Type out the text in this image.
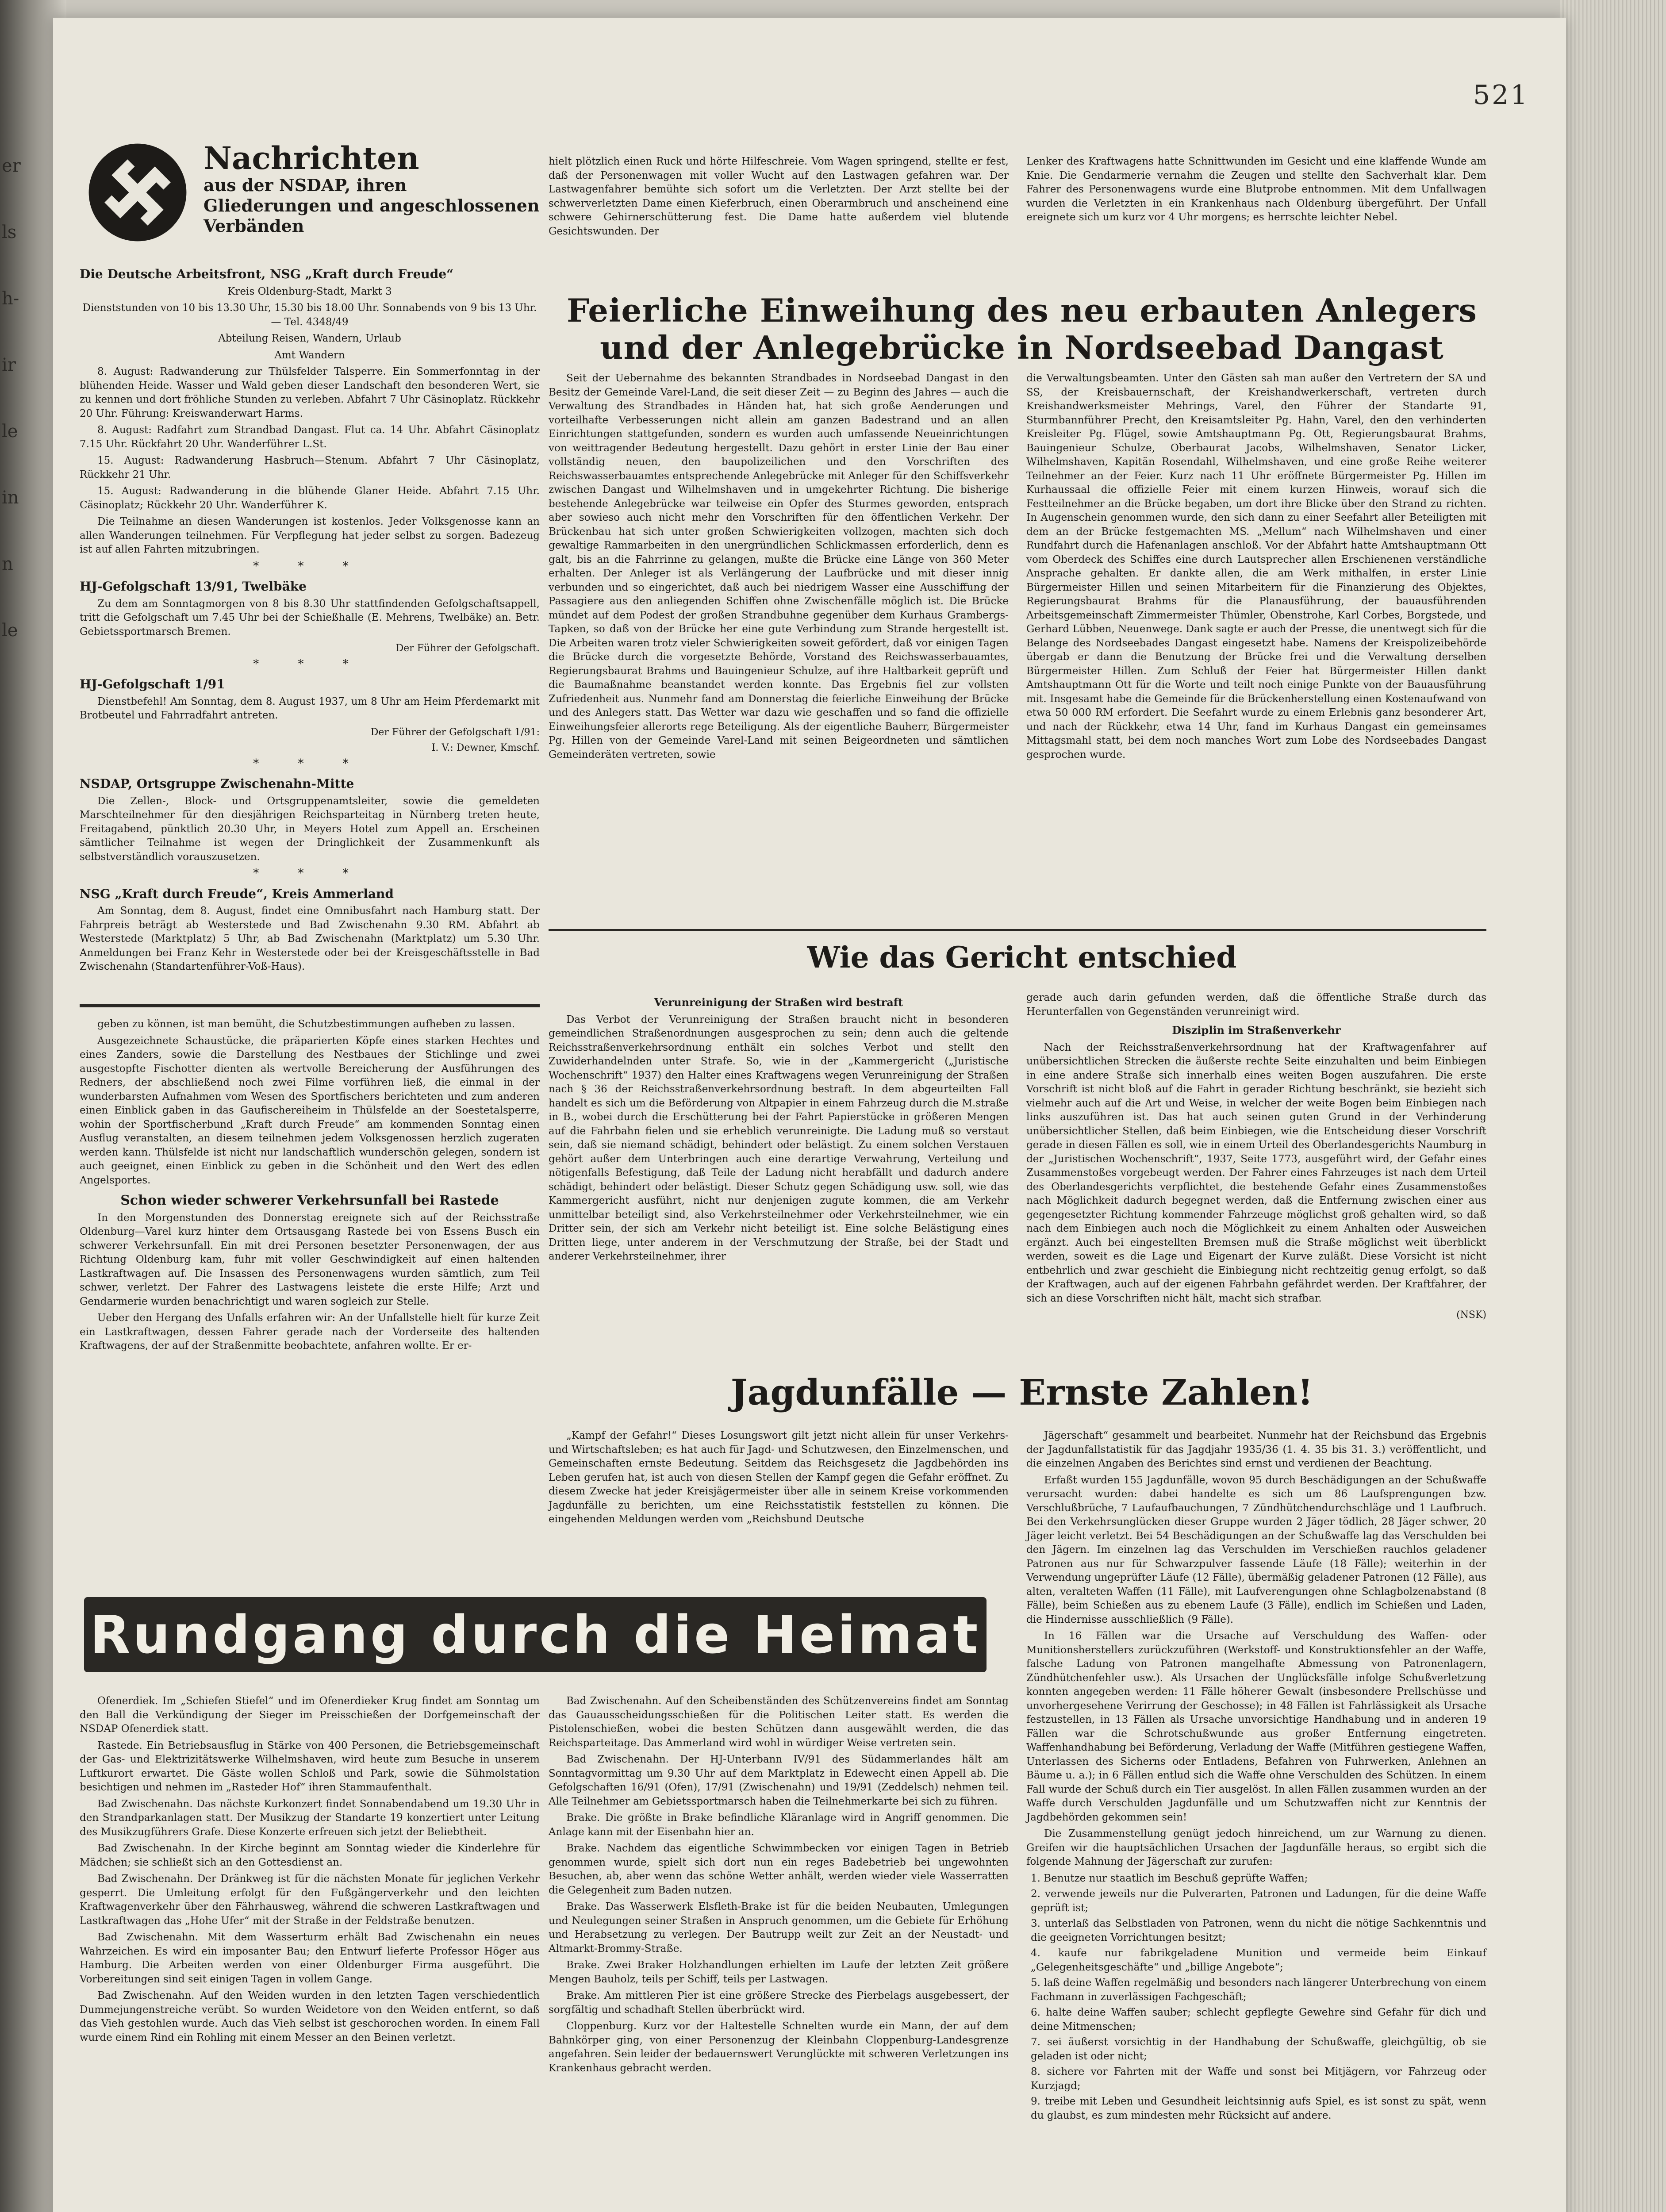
er
ls
h-
ir
le
in
n
le
521
Nachrichten
aus der NSDAP, ihren Gliederungen und angeschlossenen Verbänden
Die Deutsche Arbeitsfront, NSG „Kraft durch Freude“

Kreis Oldenburg-Stadt, Markt 3

Dienststunden von 10 bis 13.30 Uhr, 15.30 bis 18.00 Uhr. Sonnabends von 9 bis 13 Uhr. — Tel. 4348/49

Abteilung Reisen, Wandern, Urlaub

Amt Wandern

8. August: Radwanderung zur Thülsfelder Talsperre. Ein Sommerfonntag in der blühenden Heide. Wasser und Wald geben dieser Landschaft den besonderen Wert, sie zu kennen und dort fröhliche Stunden zu verleben. Abfahrt 7 Uhr Cäsinoplatz. Rückkehr 20 Uhr. Führung: Kreiswanderwart Harms.

8. August: Radfahrt zum Strandbad Dangast. Flut ca. 14 Uhr. Abfahrt Cäsinoplatz 7.15 Uhr. Rückfahrt 20 Uhr. Wanderführer L.St.

15. August: Radwanderung Hasbruch—Stenum. Abfahrt 7 Uhr Cäsinoplatz, Rückkehr 21 Uhr.

15. August: Radwanderung in die blühende Glaner Heide. Abfahrt 7.15 Uhr. Cäsinoplatz; Rückkehr 20 Uhr. Wanderführer K.

Die Teilnahme an diesen Wanderungen ist kostenlos. Jeder Volksgenosse kann an allen Wanderungen teilnehmen. Für Verpflegung hat jeder selbst zu sorgen. Badezeug ist auf allen Fahrten mitzubringen.

* * *
HJ-Gefolgschaft 13/91, Twelbäke

Zu dem am Sonntagmorgen von 8 bis 8.30 Uhr stattfindenden Gefolgschaftsappell, tritt die Gefolgschaft um 7.45 Uhr bei der Schießhalle (E. Mehrens, Twelbäke) an. Betr. Gebietssportmarsch Bremen.

Der Führer der Gefolgschaft.

* * *
HJ-Gefolgschaft 1/91

Dienstbefehl! Am Sonntag, dem 8. August 1937, um 8 Uhr am Heim Pferdemarkt mit Brotbeutel und Fahrradfahrt antreten.

Der Führer der Gefolgschaft 1/91:

I. V.: Dewner, Kmschf.

* * *
NSDAP, Ortsgruppe Zwischenahn-Mitte

Die Zellen-, Block- und Ortsgruppenamtsleiter, sowie die gemeldeten Marschteilnehmer für den diesjährigen Reichsparteitag in Nürnberg treten heute, Freitagabend, pünktlich 20.30 Uhr, in Meyers Hotel zum Appell an. Erscheinen sämtlicher Teilnahme ist wegen der Dringlichkeit der Zusammenkunft als selbstverständlich vorauszusetzen.

* * *
NSG „Kraft durch Freude“, Kreis Ammerland

Am Sonntag, dem 8. August, findet eine Omnibusfahrt nach Hamburg statt. Der Fahrpreis beträgt ab Westerstede und Bad Zwischenahn 9.30 RM. Abfahrt ab Westerstede (Marktplatz) 5 Uhr, ab Bad Zwischenahn (Marktplatz) um 5.30 Uhr. Anmeldungen bei Franz Kehr in Westerstede oder bei der Kreisgeschäftsstelle in Bad Zwischenahn (Standartenführer-Voß-Haus).

geben zu können, ist man bemüht, die Schutzbestimmungen aufheben zu lassen.

Ausgezeichnete Schaustücke, die präparierten Köpfe eines starken Hechtes und eines Zanders, sowie die Darstellung des Nestbaues der Stichlinge und zwei ausgestopfte Fischotter dienten als wertvolle Bereicherung der Ausführungen des Redners, der abschließend noch zwei Filme vorführen ließ, die einmal in der wunderbarsten Aufnahmen vom Wesen des Sportfischers berichteten und zum anderen einen Einblick gaben in das Gaufischereiheim in Thülsfelde an der Soestetalsperre, wohin der Sportfischerbund „Kraft durch Freude“ am kommenden Sonntag einen Ausflug veranstalten, an diesem teilnehmen jedem Volksgenossen herzlich zugeraten werden kann. Thülsfelde ist nicht nur landschaftlich wunderschön gelegen, sondern ist auch geeignet, einen Einblick zu geben in die Schönheit und den Wert des edlen Angelsportes.

Schon wieder schwerer Verkehrsunfall bei Rastede

In den Morgenstunden des Donnerstag ereignete sich auf der Reichsstraße Oldenburg—Varel kurz hinter dem Ortsausgang Rastede bei von Essens Busch ein schwerer Verkehrsunfall. Ein mit drei Personen besetzter Personenwagen, der aus Richtung Oldenburg kam, fuhr mit voller Geschwindigkeit auf einen haltenden Lastkraftwagen auf. Die Insassen des Personenwagens wurden sämtlich, zum Teil schwer, verletzt. Der Fahrer des Lastwagens leistete die erste Hilfe; Arzt und Gendarmerie wurden benachrichtigt und waren sogleich zur Stelle.

Ueber den Hergang des Unfalls erfahren wir: An der Unfallstelle hielt für kurze Zeit ein Lastkraftwagen, dessen Fahrer gerade nach der Vorderseite des haltenden Kraftwagens, der auf der Straßenmitte beobachtete, anfahren wollte. Er er-

hielt plötzlich einen Ruck und hörte Hilfeschreie. Vom Wagen springend, stellte er fest, daß der Personenwagen mit voller Wucht auf den Lastwagen gefahren war. Der Lastwagenfahrer bemühte sich sofort um die Verletzten. Der Arzt stellte bei der schwerverletzten Dame einen Kieferbruch, einen Oberarmbruch und anscheinend eine schwere Gehirnerschütterung fest. Die Dame hatte außerdem viel blutende Gesichtswunden. Der

Lenker des Kraftwagens hatte Schnittwunden im Gesicht und eine klaffende Wunde am Knie. Die Gendarmerie vernahm die Zeugen und stellte den Sachverhalt klar. Dem Fahrer des Personenwagens wurde eine Blutprobe entnommen. Mit dem Unfallwagen wurden die Verletzten in ein Krankenhaus nach Oldenburg übergeführt. Der Unfall ereignete sich um kurz vor 4 Uhr morgens; es herrschte leichter Nebel.

Feierliche Einweihung des neu erbauten Anlegers und der Anlegebrücke in Nordseebad Dangast

Seit der Uebernahme des bekannten Strandbades in Nordseebad Dangast in den Besitz der Gemeinde Varel-Land, die seit dieser Zeit — zu Beginn des Jahres — auch die Verwaltung des Strandbades in Händen hat, hat sich große Aenderungen und vorteilhafte Verbesserungen nicht allein am ganzen Badestrand und an allen Einrichtungen stattgefunden, sondern es wurden auch umfassende Neueinrichtungen von weittragender Bedeutung hergestellt. Dazu gehört in erster Linie der Bau einer vollständig neuen, den baupolizeilichen und den Vorschriften des Reichswasserbauamtes entsprechende Anlegebrücke mit Anleger für den Schiffsverkehr zwischen Dangast und Wilhelmshaven und in umgekehrter Richtung. Die bisherige bestehende Anlegebrücke war teilweise ein Opfer des Sturmes geworden, entsprach aber sowieso auch nicht mehr den Vorschriften für den öffentlichen Verkehr. Der Brückenbau hat sich unter großen Schwierigkeiten vollzogen, machten sich doch gewaltige Rammarbeiten in den unergründlichen Schlickmassen erforderlich, denn es galt, bis an die Fahrrinne zu gelangen, mußte die Brücke eine Länge von 360 Meter erhalten. Der Anleger ist als Verlängerung der Laufbrücke und mit dieser innig verbunden und so eingerichtet, daß auch bei niedrigem Wasser eine Ausschiffung der Passagiere aus den anliegenden Schiffen ohne Zwischenfälle möglich ist. Die Brücke mündet auf dem Podest der großen Strandbuhne gegenüber dem Kurhaus Grambergs-Tapken, so daß von der Brücke her eine gute Verbindung zum Strande hergestellt ist. Die Arbeiten waren trotz vieler Schwierigkeiten soweit gefördert, daß vor einigen Tagen die Brücke durch die vorgesetzte Behörde, Vorstand des Reichswasserbauamtes, Regierungsbaurat Brahms und Bauingenieur Schulze, auf ihre Haltbarkeit geprüft und die Baumaßnahme beanstandet werden konnte. Das Ergebnis fiel zur vollsten Zufriedenheit aus. Nunmehr fand am Donnerstag die feierliche Einweihung der Brücke und des Anlegers statt. Das Wetter war dazu wie geschaffen und so fand die offizielle Einweihungsfeier allerorts rege Beteiligung. Als der eigentliche Bauherr, Bürgermeister Pg. Hillen von der Gemeinde Varel-Land mit seinen Beigeordneten und sämtlichen Gemeinderäten vertreten, sowie

die Verwaltungsbeamten. Unter den Gästen sah man außer den Vertretern der SA und SS, der Kreisbauernschaft, der Kreishandwerkerschaft, vertreten durch Kreishandwerksmeister Mehrings, Varel, den Führer der Standarte 91, Sturmbannführer Precht, den Kreisamtsleiter Pg. Hahn, Varel, den den verhinderten Kreisleiter Pg. Flügel, sowie Amtshauptmann Pg. Ott, Regierungsbaurat Brahms, Bauingenieur Schulze, Oberbaurat Jacobs, Wilhelmshaven, Senator Licker, Wilhelmshaven, Kapitän Rosendahl, Wilhelmshaven, und eine große Reihe weiterer Teilnehmer an der Feier. Kurz nach 11 Uhr eröffnete Bürgermeister Pg. Hillen im Kurhaussaal die offizielle Feier mit einem kurzen Hinweis, worauf sich die Festteilnehmer an die Brücke begaben, um dort ihre Blicke über den Strand zu richten. In Augenschein genommen wurde, den sich dann zu einer Seefahrt aller Beteiligten mit dem an der Brücke festgemachten MS. „Mellum“ nach Wilhelmshaven und einer Rundfahrt durch die Hafenanlagen anschloß. Vor der Abfahrt hatte Amtshauptmann Ott vom Oberdeck des Schiffes eine durch Lautsprecher allen Erschienenen verständliche Ansprache gehalten. Er dankte allen, die am Werk mithalfen, in erster Linie Bürgermeister Hillen und seinen Mitarbeitern für die Finanzierung des Objektes, Regierungsbaurat Brahms für die Planausführung, der bauausführenden Arbeitsgemeinschaft Zimmermeister Thümler, Obenstrohe, Karl Corbes, Borgstede, und Gerhard Lübben, Neuenwege. Dank sagte er auch der Presse, die unentwegt sich für die Belange des Nordseebades Dangast eingesetzt habe. Namens der Kreispolizeibehörde übergab er dann die Benutzung der Brücke frei und die Verwaltung derselben Bürgermeister Hillen. Zum Schluß der Feier hat Bürgermeister Hillen dankt Amtshauptmann Ott für die Worte und teilt noch einige Punkte von der Bauausführung mit. Insgesamt habe die Gemeinde für die Brückenherstellung einen Kostenaufwand von etwa 50 000 RM erfordert. Die Seefahrt wurde zu einem Erlebnis ganz besonderer Art, und nach der Rückkehr, etwa 14 Uhr, fand im Kurhaus Dangast ein gemeinsames Mittagsmahl statt, bei dem noch manches Wort zum Lobe des Nordseebades Dangast gesprochen wurde.

Wie das Gericht entschied

Verunreinigung der Straßen wird bestraft

Das Verbot der Verunreinigung der Straßen braucht nicht in besonderen gemeindlichen Straßenordnungen ausgesprochen zu sein; denn auch die geltende Reichsstraßenverkehrsordnung enthält ein solches Verbot und stellt den Zuwiderhandelnden unter Strafe. So, wie in der „Kammergericht („Juristische Wochenschrift“ 1937) den Halter eines Kraftwagens wegen Verunreinigung der Straßen nach § 36 der Reichsstraßenverkehrsordnung bestraft. In dem abgeurteilten Fall handelt es sich um die Beförderung von Altpapier in einem Fahrzeug durch die M.straße in B., wobei durch die Erschütterung bei der Fahrt Papierstücke in größeren Mengen auf die Fahrbahn fielen und sie erheblich verunreinigte. Die Ladung muß so verstaut sein, daß sie niemand schädigt, behindert oder belästigt. Zu einem solchen Verstauen gehört außer dem Unterbringen auch eine derartige Verwahrung, Verteilung und nötigenfalls Befestigung, daß Teile der Ladung nicht herabfällt und dadurch andere schädigt, behindert oder belästigt. Dieser Schutz gegen Schädigung usw. soll, wie das Kammergericht ausführt, nicht nur denjenigen zugute kommen, die am Verkehr unmittelbar beteiligt sind, also Verkehrsteilnehmer oder Verkehrsteilnehmer, wie ein Dritter sein, der sich am Verkehr nicht beteiligt ist. Eine solche Belästigung eines Dritten liege, unter anderem in der Verschmutzung der Straße, bei der Stadt und anderer Verkehrsteilnehmer, ihrer

gerade auch darin gefunden werden, daß die öffentliche Straße durch das Herunterfallen von Gegenständen verunreinigt wird.

Disziplin im Straßenverkehr

Nach der Reichsstraßenverkehrsordnung hat der Kraftwagenfahrer auf unübersichtlichen Strecken die äußerste rechte Seite einzuhalten und beim Einbiegen in eine andere Straße sich innerhalb eines weiten Bogen auszufahren. Die erste Vorschrift ist nicht bloß auf die Fahrt in gerader Richtung beschränkt, sie bezieht sich vielmehr auch auf die Art und Weise, in welcher der weite Bogen beim Einbiegen nach links auszuführen ist. Das hat auch seinen guten Grund in der Verhinderung unübersichtlicher Stellen, daß beim Einbiegen, wie die Entscheidung dieser Vorschrift gerade in diesen Fällen es soll, wie in einem Urteil des Oberlandesgerichts Naumburg in der „Juristischen Wochenschrift“, 1937, Seite 1773, ausgeführt wird, der Gefahr eines Zusammenstoßes vorgebeugt werden. Der Fahrer eines Fahrzeuges ist nach dem Urteil des Oberlandesgerichts verpflichtet, die bestehende Gefahr eines Zusammenstoßes nach Möglichkeit dadurch begegnet werden, daß die Entfernung zwischen einer aus gegengesetzter Richtung kommender Fahrzeuge möglichst groß gehalten wird, so daß nach dem Einbiegen auch noch die Möglichkeit zu einem Anhalten oder Ausweichen ergänzt. Auch bei eingestellten Bremsen muß die Straße möglichst weit überblickt werden, soweit es die Lage und Eigenart der Kurve zuläßt. Diese Vorsicht ist nicht entbehrlich und zwar geschieht die Einbiegung nicht rechtzeitig genug erfolgt, so daß der Kraftwagen, auch auf der eigenen Fahrbahn gefährdet werden. Der Kraftfahrer, der sich an diese Vorschriften nicht hält, macht sich strafbar.

(NSK)
Jagdunfälle — Ernste Zahlen!

„Kampf der Gefahr!“ Dieses Losungswort gilt jetzt nicht allein für unser Verkehrs- und Wirtschaftsleben; es hat auch für Jagd- und Schutzwesen, den Einzelmenschen, und Gemeinschaften ernste Bedeutung. Seitdem das Reichsgesetz die Jagdbehörden ins Leben gerufen hat, ist auch von diesen Stellen der Kampf gegen die Gefahr eröffnet. Zu diesem Zwecke hat jeder Kreisjägermeister über alle in seinem Kreise vorkommenden Jagdunfälle zu berichten, um eine Reichsstatistik feststellen zu können. Die eingehenden Meldungen werden vom „Reichsbund Deutsche

Jägerschaft“ gesammelt und bearbeitet. Nunmehr hat der Reichsbund das Ergebnis der Jagdunfallstatistik für das Jagdjahr 1935/36 (1. 4. 35 bis 31. 3.) veröffentlicht, und die einzelnen Angaben des Berichtes sind ernst und verdienen der Beachtung.

Erfaßt wurden 155 Jagdunfälle, wovon 95 durch Beschädigungen an der Schußwaffe verursacht wurden: dabei handelte es sich um 86 Laufsprengungen bzw. Verschlußbrüche, 7 Laufaufbauchungen, 7 Zündhütchendurchschläge und 1 Laufbruch. Bei den Verkehrsunglücken dieser Gruppe wurden 2 Jäger tödlich, 28 Jäger schwer, 20 Jäger leicht verletzt. Bei 54 Beschädigungen an der Schußwaffe lag das Verschulden bei den Jägern. Im einzelnen lag das Verschulden im Verschießen rauchlos geladener Patronen aus nur für Schwarzpulver fassende Läufe (18 Fälle); weiterhin in der Verwendung ungeprüfter Läufe (12 Fälle), übermäßig geladener Patronen (12 Fälle), aus alten, veralteten Waffen (11 Fälle), mit Laufverengungen ohne Schlagbolzenabstand (8 Fälle), beim Schießen aus zu ebenem Laufe (3 Fälle), endlich im Schießen und Laden, die Hindernisse ausschließlich (9 Fälle).

In 16 Fällen war die Ursache auf Verschuldung des Waffen- oder Munitionsherstellers zurückzuführen (Werkstoff- und Konstruktionsfehler an der Waffe, falsche Ladung von Patronen mangelhafte Abmessung von Patronenlagern, Zündhütchenfehler usw.). Als Ursachen der Unglücksfälle infolge Schußverletzung konnten angegeben werden: 11 Fälle höherer Gewalt (insbesondere Prellschüsse und unvorhergesehene Verirrung der Geschosse); in 48 Fällen ist Fahrlässigkeit als Ursache festzustellen, in 13 Fällen als Ursache unvorsichtige Handhabung und in anderen 19 Fällen war die Schrotschußwunde aus großer Entfernung eingetreten. Waffenhandhabung bei Beförderung, Verladung der Waffe (Mitführen gestiegene Waffen, Unterlassen des Sicherns oder Entladens, Befahren von Fuhrwerken, Anlehnen an Bäume u. a.); in 6 Fällen entlud sich die Waffe ohne Verschulden des Schützen. In einem Fall wurde der Schuß durch ein Tier ausgelöst. In allen Fällen zusammen wurden an der Waffe durch Verschulden Jagdunfälle und um Schutzwaffen nicht zur Kenntnis der Jagdbehörden gekommen sein!

Die Zusammenstellung genügt jedoch hinreichend, um zur Warnung zu dienen. Greifen wir die hauptsächlichen Ursachen der Jagdunfälle heraus, so ergibt sich die folgende Mahnung der Jägerschaft zur zurufen:

1. Benutze nur staatlich im Beschuß geprüfte Waffen;
2. verwende jeweils nur die Pulverarten, Patronen und Ladungen, für die deine Waffe geprüft ist;
3. unterlaß das Selbstladen von Patronen, wenn du nicht die nötige Sachkenntnis und die geeigneten Vorrichtungen besitzt;
4. kaufe nur fabrikgeladene Munition und vermeide beim Einkauf „Gelegenheitsgeschäfte“ und „billige Angebote“;
5. laß deine Waffen regelmäßig und besonders nach längerer Unterbrechung von einem Fachmann in zuverlässigen Fachgeschäft;
6. halte deine Waffen sauber; schlecht gepflegte Gewehre sind Gefahr für dich und deine Mitmenschen;
7. sei äußerst vorsichtig in der Handhabung der Schußwaffe, gleichgültig, ob sie geladen ist oder nicht;
8. sichere vor Fahrten mit der Waffe und sonst bei Mitjägern, vor Fahrzeug oder Kurzjagd;
9. treibe mit Leben und Gesundheit leichtsinnig aufs Spiel, es ist sonst zu spät, wenn du glaubst, es zum mindesten mehr Rücksicht auf andere.
Rundgang durch die Heimat

Ofenerdiek. Im „Schiefen Stiefel“ und im Ofenerdieker Krug findet am Sonntag um den Ball die Verkündigung der Sieger im Preisschießen der Dorfgemeinschaft der NSDAP Ofenerdiek statt.

Rastede. Ein Betriebsausflug in Stärke von 400 Personen, die Betriebsgemeinschaft der Gas- und Elektrizitätswerke Wilhelmshaven, wird heute zum Besuche in unserem Luftkurort erwartet. Die Gäste wollen Schloß und Park, sowie die Sühmolstation besichtigen und nehmen im „Rasteder Hof“ ihren Stammaufenthalt.

Bad Zwischenahn. Das nächste Kurkonzert findet Sonnabendabend um 19.30 Uhr in den Strandparkanlagen statt. Der Musikzug der Standarte 19 konzertiert unter Leitung des Musikzugführers Grafe. Diese Konzerte erfreuen sich jetzt der Beliebtheit.

Bad Zwischenahn. In der Kirche beginnt am Sonntag wieder die Kinderlehre für Mädchen; sie schließt sich an den Gottesdienst an.

Bad Zwischenahn. Der Dränkweg ist für die nächsten Monate für jeglichen Verkehr gesperrt. Die Umleitung erfolgt für den Fußgängerverkehr und den leichten Kraftwagenverkehr über den Fährhausweg, während die schweren Lastkraftwagen und Lastkraftwagen das „Hohe Ufer“ mit der Straße in der Feldstraße benutzen.

Bad Zwischenahn. Mit dem Wasserturm erhält Bad Zwischenahn ein neues Wahrzeichen. Es wird ein imposanter Bau; den Entwurf lieferte Professor Höger aus Hamburg. Die Arbeiten werden von einer Oldenburger Firma ausgeführt. Die Vorbereitungen sind seit einigen Tagen in vollem Gange.

Bad Zwischenahn. Auf den Weiden wurden in den letzten Tagen verschiedentlich Dummejungenstreiche verübt. So wurden Weidetore von den Weiden entfernt, so daß das Vieh gestohlen wurde. Auch das Vieh selbst ist geschorochen worden. In einem Fall wurde einem Rind ein Rohling mit einem Messer an den Beinen verletzt.

Bad Zwischenahn. Auf den Scheibenständen des Schützenvereins findet am Sonntag das Gauausscheidungsschießen für die Politischen Leiter statt. Es werden die Pistolenschießen, wobei die besten Schützen dann ausgewählt werden, die das Reichsparteitage. Das Ammerland wird wohl in würdiger Weise vertreten sein.

Bad Zwischenahn. Der HJ-Unterbann IV/91 des Südammerlandes hält am Sonntagvormittag um 9.30 Uhr auf dem Marktplatz in Edewecht einen Appell ab. Die Gefolgschaften 16/91 (Ofen), 17/91 (Zwischenahn) und 19/91 (Zeddelsch) nehmen teil. Alle Teilnehmer am Gebietssportmarsch haben die Teilnehmerkarte bei sich zu führen.

Brake. Die größte in Brake befindliche Kläranlage wird in Angriff genommen. Die Anlage kann mit der Eisenbahn hier an.

Brake. Nachdem das eigentliche Schwimmbecken vor einigen Tagen in Betrieb genommen wurde, spielt sich dort nun ein reges Badebetrieb bei ungewohnten Besuchen, ab, aber wenn das schöne Wetter anhält, werden wieder viele Wasserratten die Gelegenheit zum Baden nutzen.

Brake. Das Wasserwerk Elsfleth-Brake ist für die beiden Neubauten, Umlegungen und Neulegungen seiner Straßen in Anspruch genommen, um die Gebiete für Erhöhung und Herabsetzung zu verlegen. Der Bautrupp weilt zur Zeit an der Neustadt- und Altmarkt-Brommy-Straße.

Brake. Zwei Braker Holzhandlungen erhielten im Laufe der letzten Zeit größere Mengen Bauholz, teils per Schiff, teils per Lastwagen.

Brake. Am mittleren Pier ist eine größere Strecke des Pierbelags ausgebessert, der sorgfältig und schadhaft Stellen überbrückt wird.

Cloppenburg. Kurz vor der Haltestelle Schnelten wurde ein Mann, der auf dem Bahnkörper ging, von einer Personenzug der Kleinbahn Cloppenburg-Landesgrenze angefahren. Sein leider der bedauernswert Verunglückte mit schweren Verletzungen ins Krankenhaus gebracht werden.
